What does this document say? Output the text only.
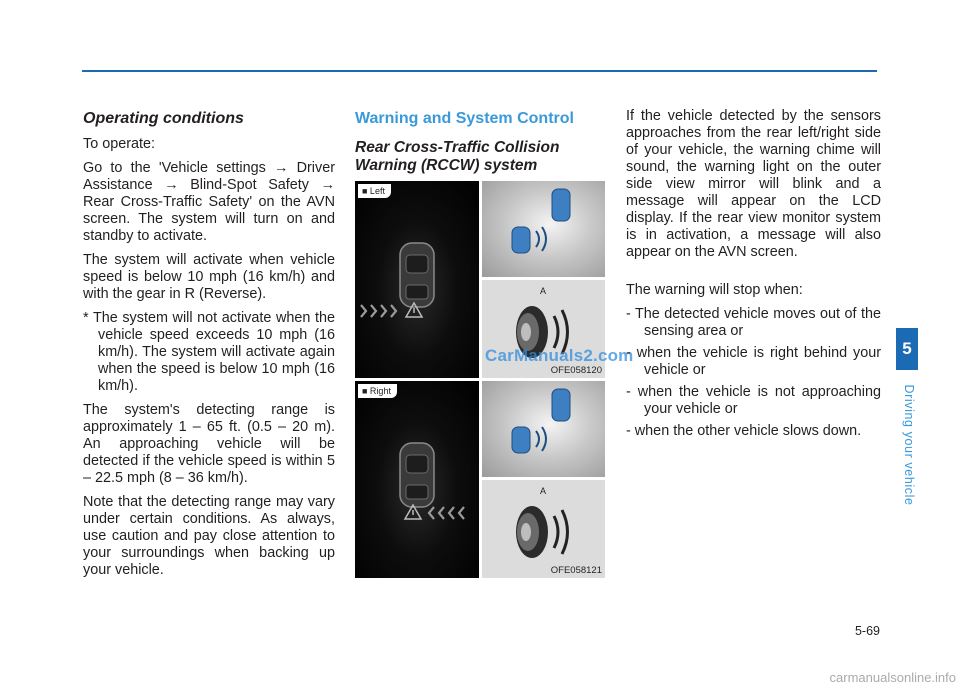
Operating conditions

To operate:

Go to the 'Vehicle settings → Driver Assistance → Blind-Spot Safety → Rear Cross-Traffic Safety' on the AVN screen. The system will turn on and standby to activate.

The system will activate when vehicle speed is below 10 mph (16 km/h) and with the gear in R (Reverse).

* The system will not activate when the vehicle speed exceeds 10 mph (16 km/h). The system will activate again when the speed is below 10 mph (16 km/h).

The system's detecting range is approximately 1 – 65 ft. (0.5 – 20 m). An approaching vehicle will be detected if the vehicle speed is within 5 – 22.5 mph (8 – 36 km/h).

Note that the detecting range may vary under certain conditions. As always, use caution and pay close attention to your surroundings when backing up your vehicle.

Warning and System Control
Rear Cross-Traffic Collision Warning (RCCW) system
■ Left
A
OFE058120
■ Right
A
OFE058121
CarManuals2.com

If the vehicle detected by the sensors approaches from the rear left/right side of your vehicle, the warning chime will sound, the warning light on the outer side view mirror will blink and a message will appear on the LCD display. If the rear view monitor system is in activation, a message will also appear on the AVN screen.

The warning will stop when:

- The detected vehicle moves out of the sensing area or

- when the vehicle is right behind your vehicle or

- when the vehicle is not approaching your vehicle or

- when the other vehicle slows down.

5
Driving your vehicle
5-69
carmanualsonline.info
